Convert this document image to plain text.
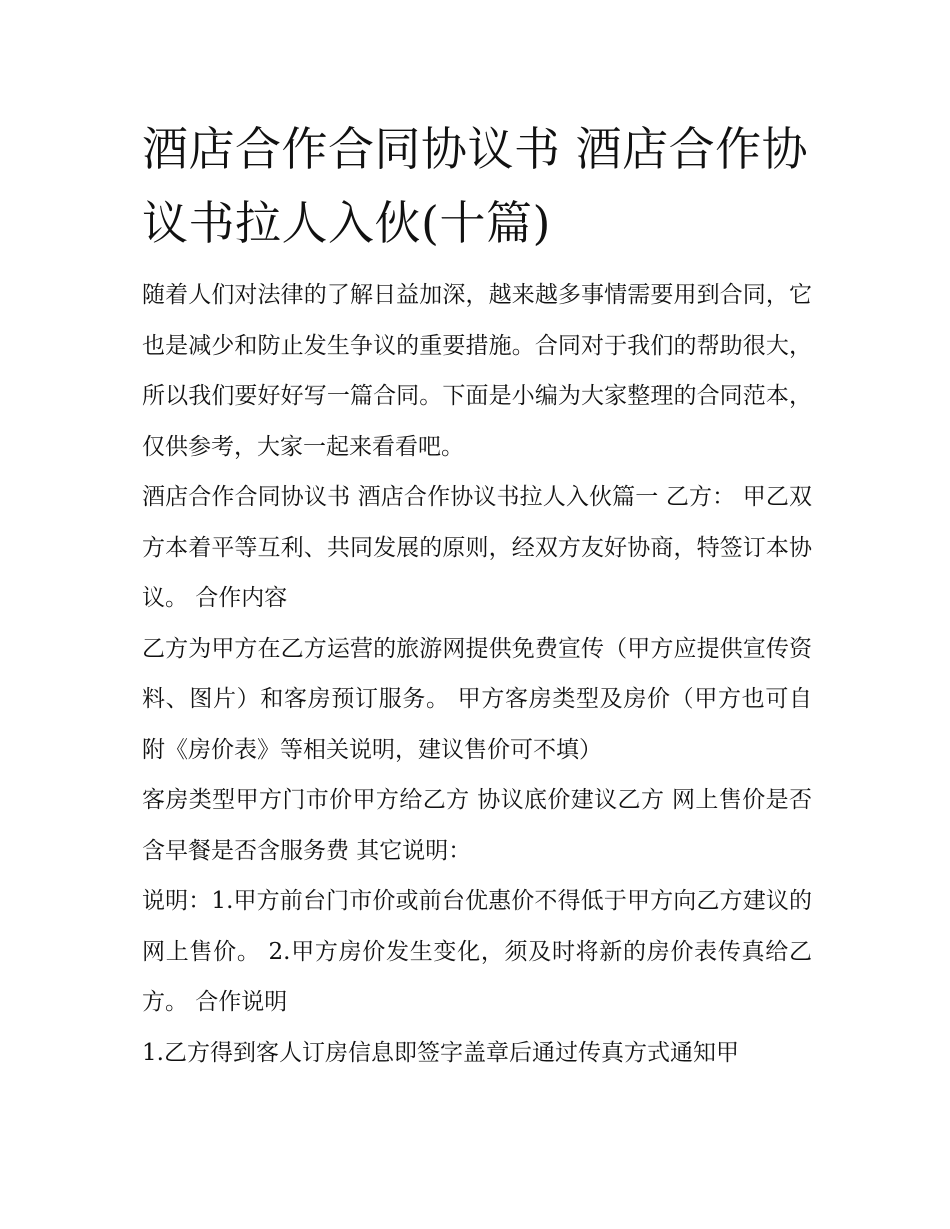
酒店合作合同协议书 酒店合作协议书拉人入伙(十篇)

随着人们对法律的了解日益加深，越来越多事情需要用到合同，它也是减少和防止发生争议的重要措施。合同对于我们的帮助很大，所以我们要好好写一篇合同。下面是小编为大家整理的合同范本，仅供参考，大家一起来看看吧。

酒店合作合同协议书 酒店合作协议书拉人入伙篇一 乙方： 甲乙双方本着平等互利、共同发展的原则，经双方友好协商，特签订本协议。 合作内容

乙方为甲方在乙方运营的旅游网提供免费宣传（甲方应提供宣传资料、图片）和客房预订服务。 甲方客房类型及房价（甲方也可自附《房价表》等相关说明，建议售价可不填）

客房类型甲方门市价甲方给乙方 协议底价建议乙方 网上售价是否含早餐是否含服务费 其它说明：

说明：1.甲方前台门市价或前台优惠价不得低于甲方向乙方建议的网上售价。 2.甲方房价发生变化，须及时将新的房价表传真给乙方。 合作说明

1.乙方得到客人订房信息即签字盖章后通过传真方式通知甲
